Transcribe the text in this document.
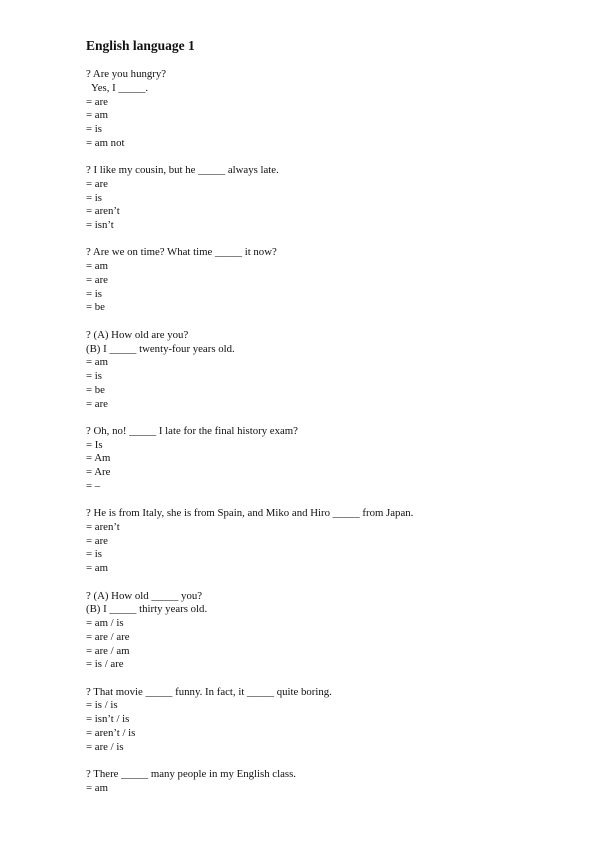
English language 1
? Are you hungry?
Yes, I _____.
= are
= am
= is
= am not
? I like my cousin, but he _____ always late.
= are
= is
= aren’t
= isn’t
? Are we on time? What time _____ it now?
= am
= are
= is
= be
? (A) How old are you?
(B) I _____ twenty-four years old.
= am
= is
= be
= are
? Oh, no! _____ I late for the final history exam?
= Is
= Am
= Are
= –
? He is from Italy, she is from Spain, and Miko and Hiro _____ from Japan.
= aren’t
= are
= is
= am
? (A) How old _____ you?
(B) I _____ thirty years old.
= am / is
= are / are
= are / am
= is / are
? That movie _____ funny. In fact, it _____ quite boring.
= is / is
= isn’t / is
= aren’t / is
= are / is
? There _____ many people in my English class.
= am
